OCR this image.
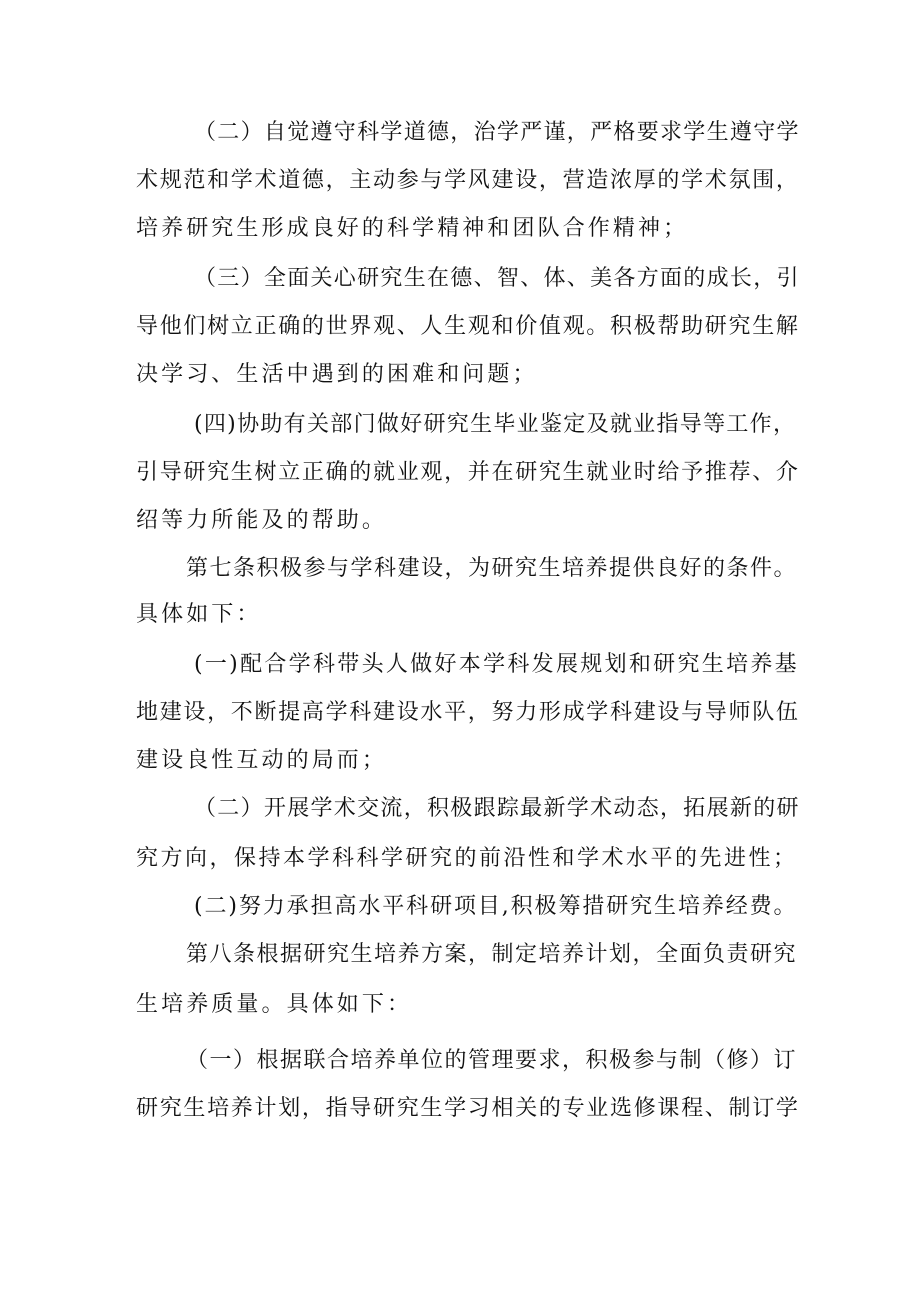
（二）自觉遵守科学道德，治学严谨，严格要求学生遵守学
术规范和学术道德，主动参与学风建设，营造浓厚的学术氛围，
培养研究生形成良好的科学精神和团队合作精神；
（三）全面关心研究生在德、智、体、美各方面的成长，引
导他们树立正确的世界观、人生观和价值观。积极帮助研究生解
决学习、生活中遇到的困难和问题；
(四)协助有关部门做好研究生毕业鉴定及就业指导等工作，
引导研究生树立正确的就业观，并在研究生就业时给予推荐、介
绍等力所能及的帮助。
第七条积极参与学科建设，为研究生培养提供良好的条件。
具体如下：
(一)配合学科带头人做好本学科发展规划和研究生培养基
地建设，不断提高学科建设水平，努力形成学科建设与导师队伍
建设良性互动的局而；
（二）开展学术交流，积极跟踪最新学术动态，拓展新的研
究方向，保持本学科科学研究的前沿性和学术水平的先进性；
(二)努力承担高水平科研项目,积极筹措研究生培养经费。
第八条根据研究生培养方案，制定培养计划，全面负责研究
生培养质量。具体如下：
（一）根据联合培养单位的管理要求，积极参与制（修）订
研究生培养计划，指导研究生学习相关的专业选修课程、制订学
